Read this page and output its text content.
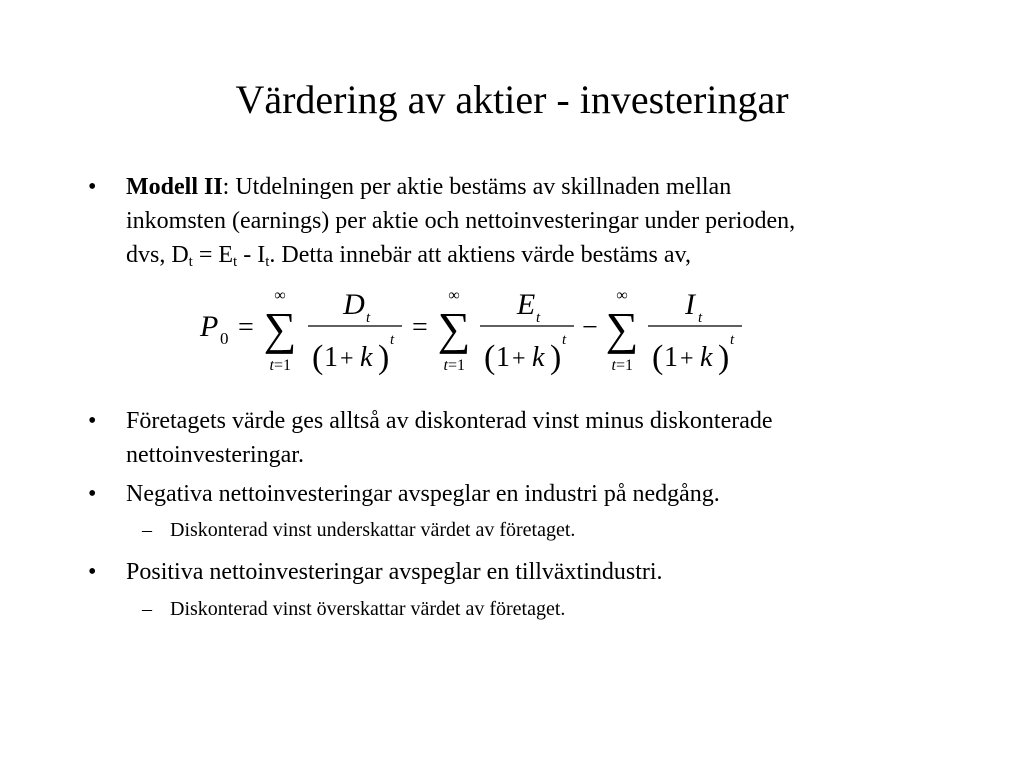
Värdering av aktier - investeringar
• Modell II: Utdelningen per aktie bestäms av skillnaden mellan
inkomsten (earnings) per aktie och nettoinvesteringar under perioden,
dvs, $D_t = E_t - I_t$. Detta innebär att aktiens värde bestäms av,
P 0 =
∞
∑
t =1
D t
( 1 + k ) t =
∞
∑
t =1
E t
( 1 + k ) t −
∞
∑
t =1
I t
( 1 + k ) t
• Företagets värde ges alltså av diskonterad vinst minus diskonterade
nettoinvesteringar.
• Negativa nettoinvesteringar avspeglar en industri på nedgång.
– Diskonterad vinst underskattar värdet av företaget.
• Positiva nettoinvesteringar avspeglar en tillväxtindustri.
– Diskonterad vinst överskattar värdet av företaget.
